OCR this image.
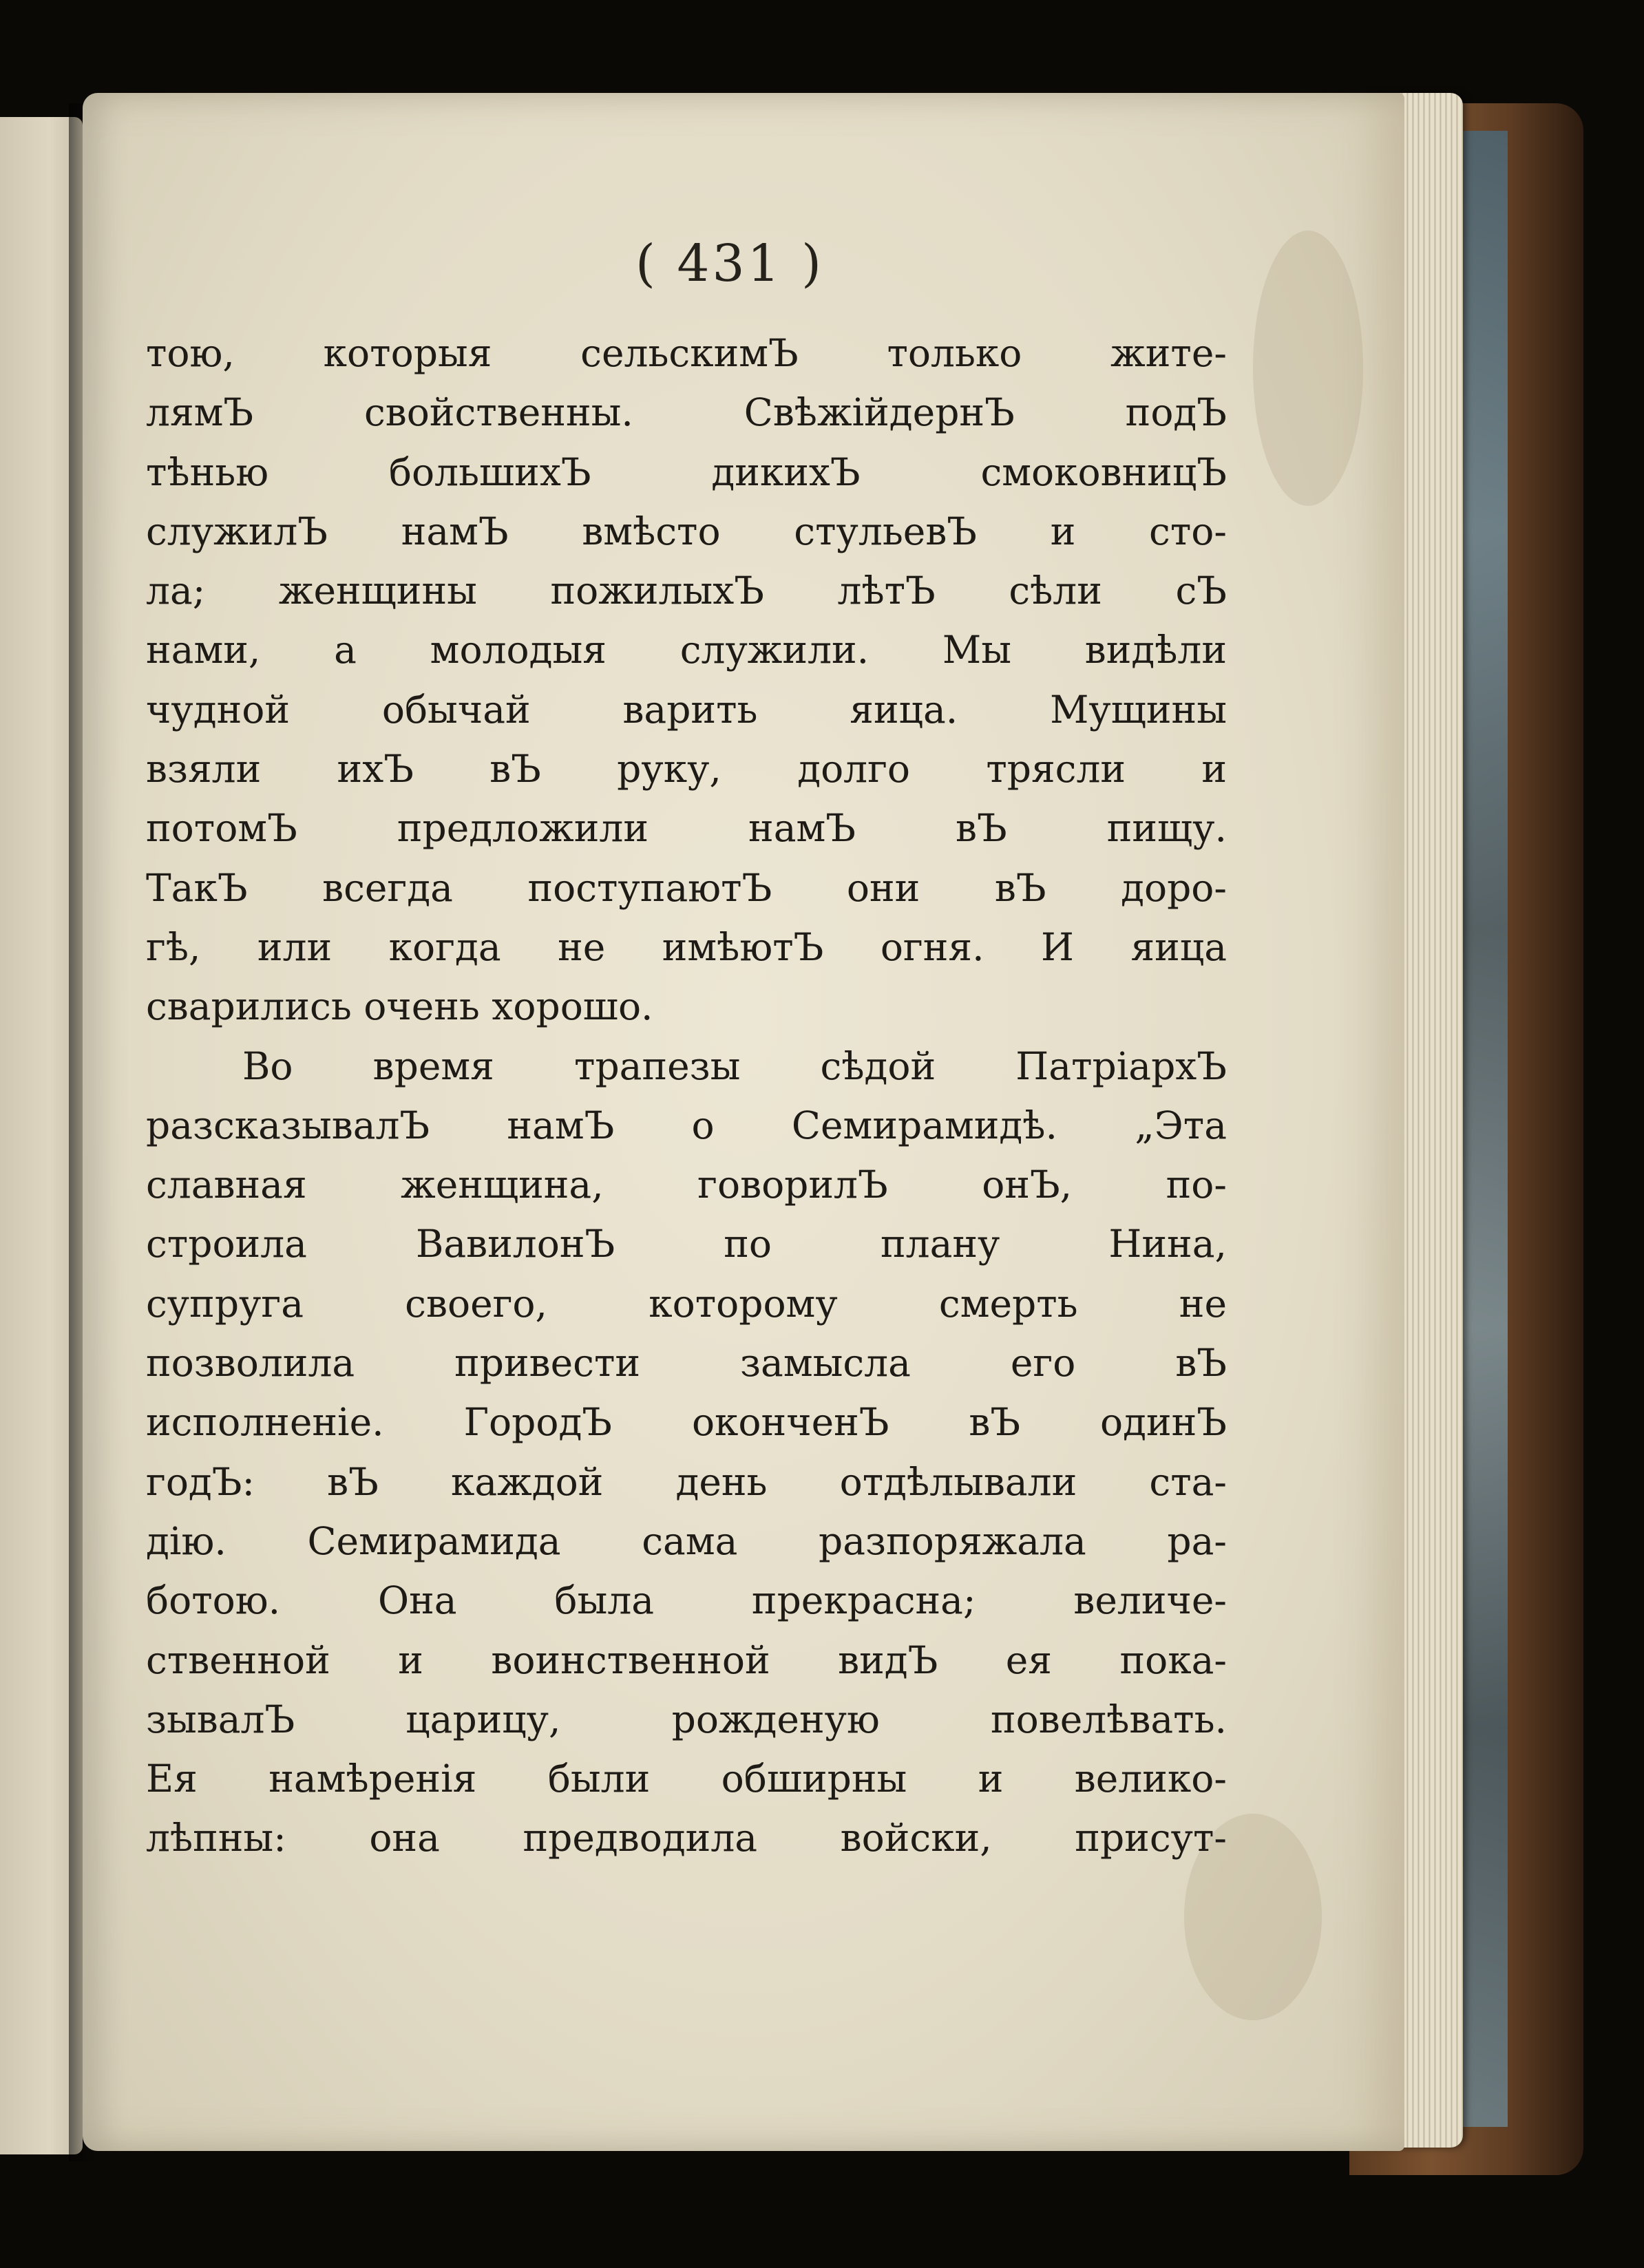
( 431 )

тою, которыя сельскимЪ только жите-
лямЪ свойственны. СвѣжійдернЪ подЪ
тѣнью большихЪ дикихЪ смоковницЪ
служилЪ намЪ вмѣсто стульевЪ и сто-
ла; женщины пожилыхЪ лѣтЪ сѣли сЪ
нами, а молодыя служили. Мы видѣли
чудной обычай варить яица. Мущины
взяли ихЪ вЪ руку, долго трясли и
потомЪ предложили намЪ вЪ пищу.
ТакЪ всегда поступаютЪ они вЪ доро-
гѣ, или когда не имѣютЪ огня. И яица
сварились очень хорошо.
Во время трапезы сѣдой ПатріархЪ
разсказывалЪ намЪ о Семирамидѣ. „Эта
славная женщина, говорилЪ онЪ, по-
строила ВавилонЪ по плану Нина,
супруга своего, которому смерть не
позволила привести замысла его вЪ
исполненіе. ГородЪ оконченЪ вЪ одинЪ
годЪ: вЪ каждой день отдѣлывали ста-
дію. Семирамида сама разпоряжала ра-
ботою. Она была прекрасна; величе-
ственной и воинственной видЪ ея пока-
зывалЪ царицу, рожденую повелѣвать.
Ея намѣренія были обширны и велико-
лѣпны: она предводила войски, присут-
